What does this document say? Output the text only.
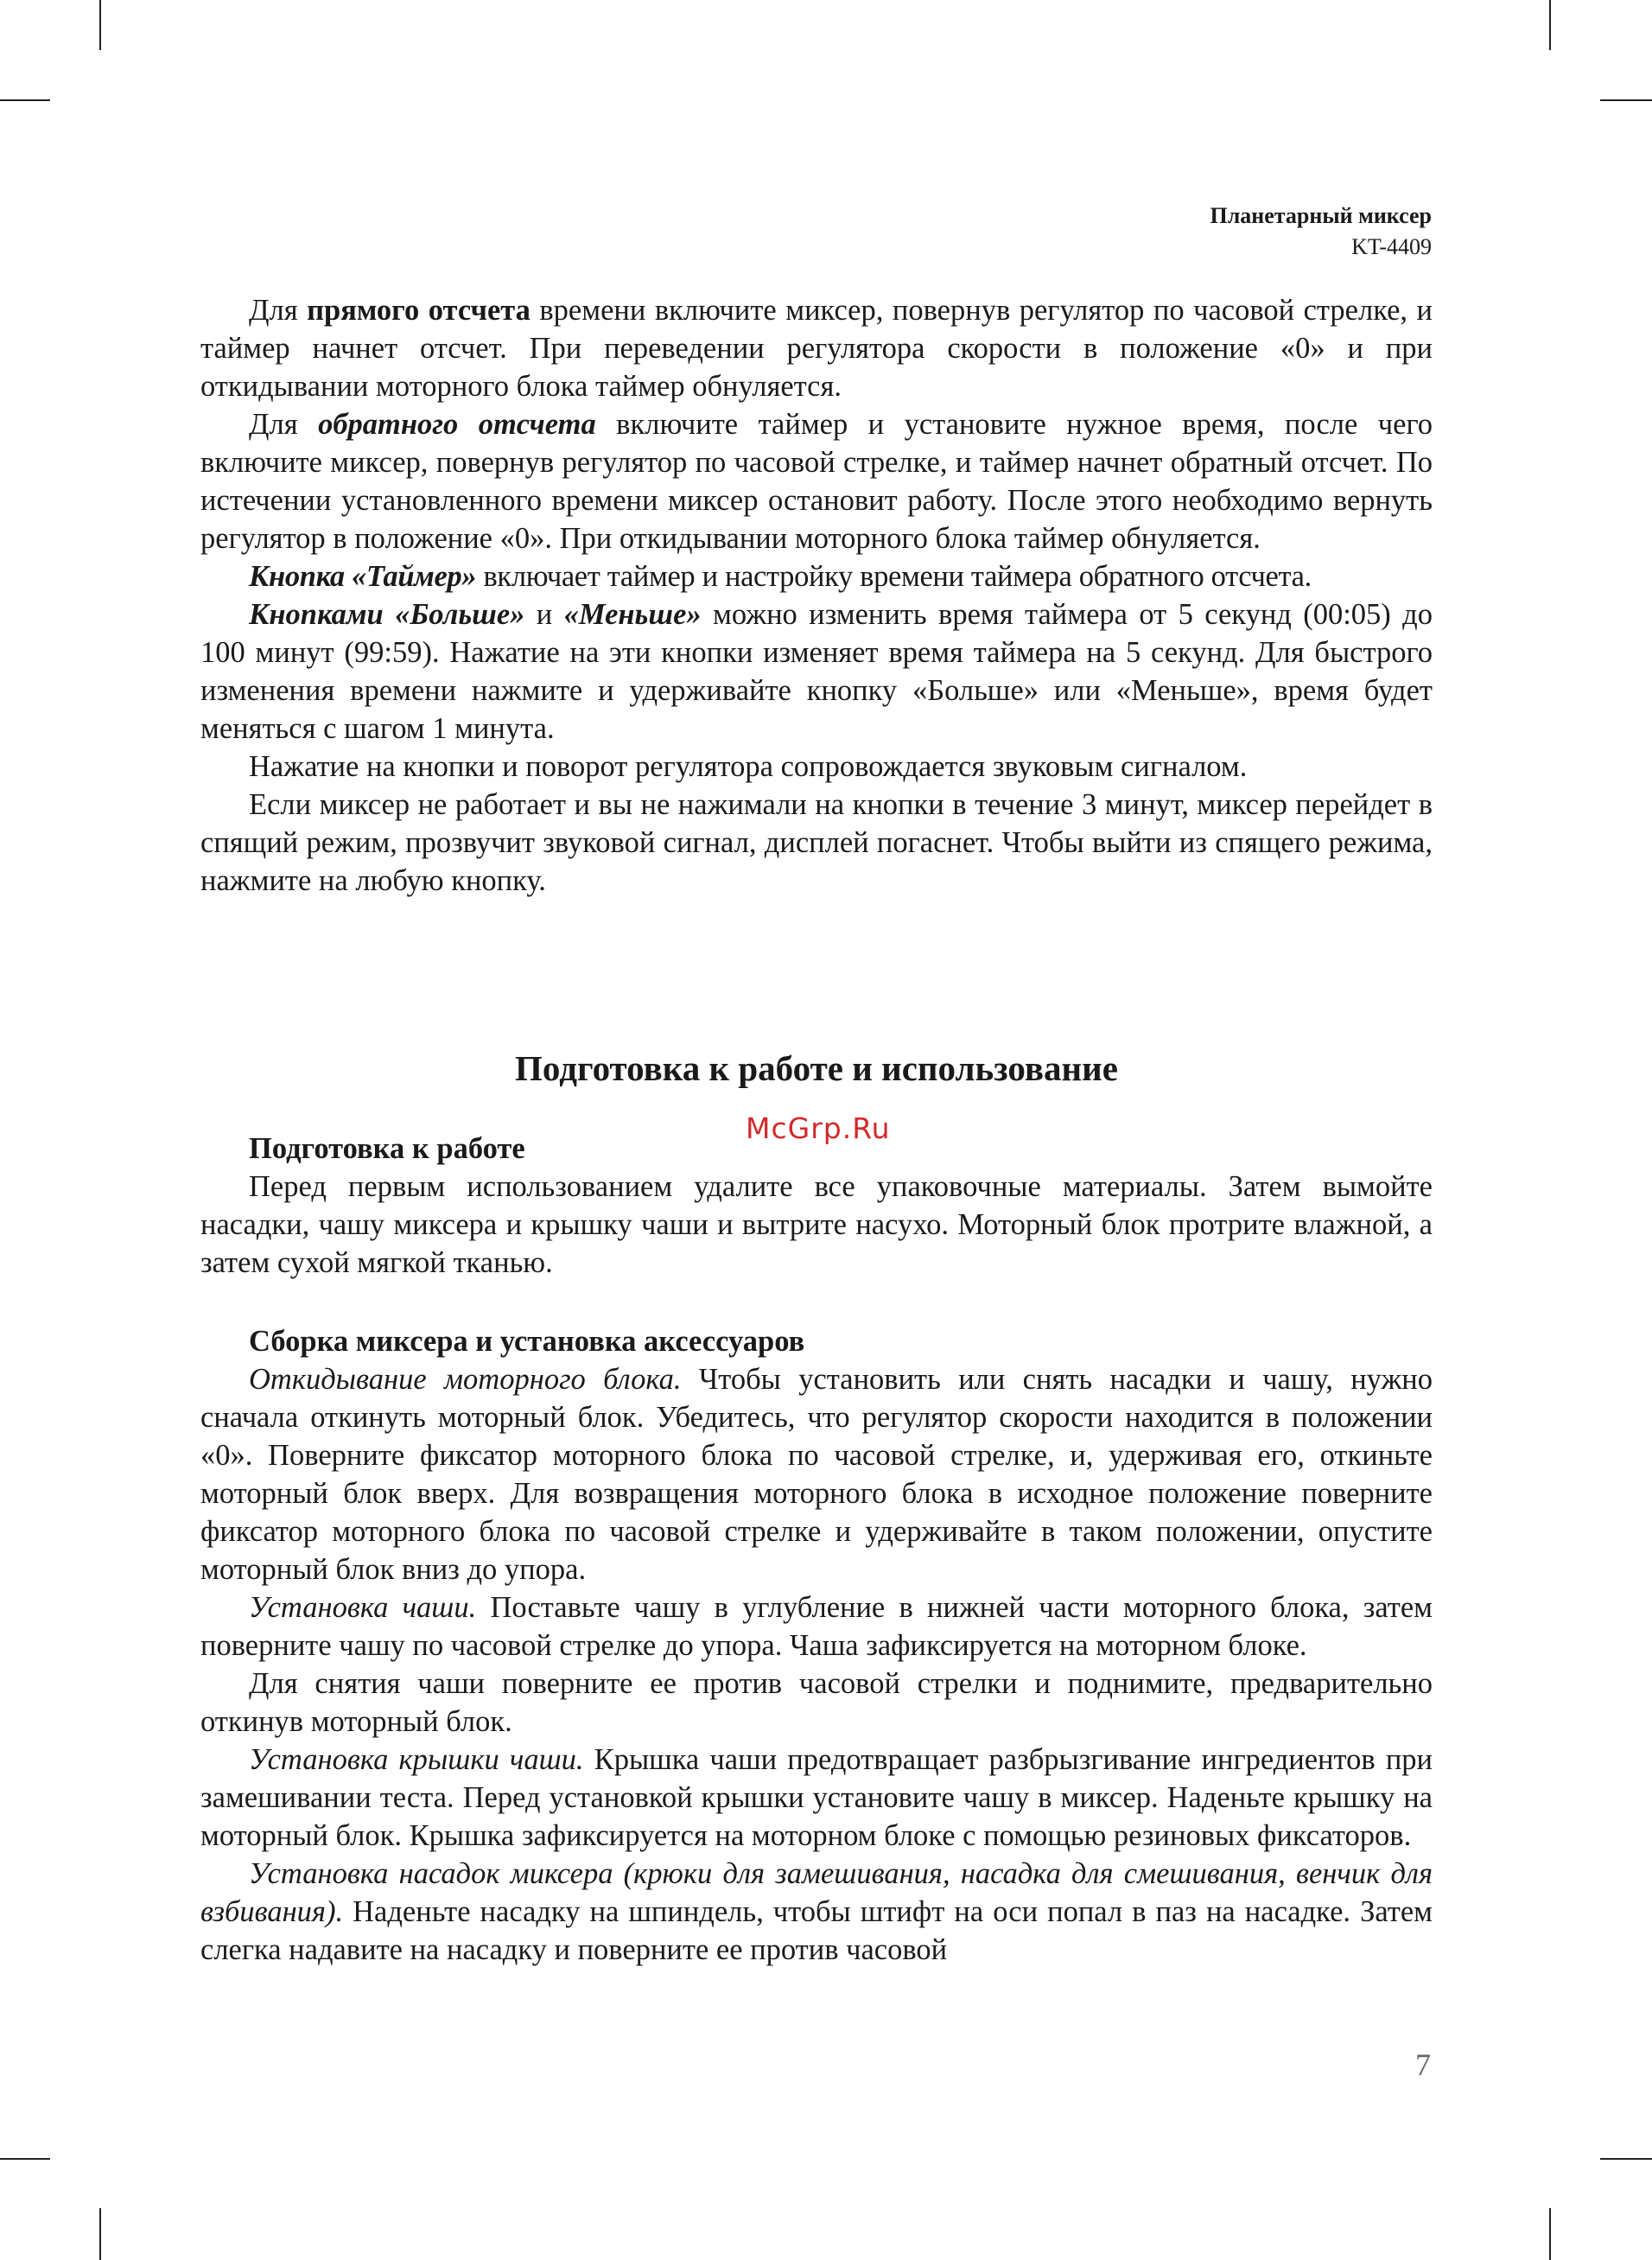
Планетарный миксер
KT-4409

Для прямого отсчета времени включите миксер, повернув регулятор по часовой стрелке, и таймер начнет отсчет. При переведении регулятора скорости в положение «0» и при откидывании моторного блока таймер обнуляется.

Для обратного отсчета включите таймер и установите нужное время, после чего включите миксер, повернув регулятор по часовой стрелке, и таймер начнет обратный отсчет. По истечении установленного времени миксер остановит работу. После этого необходимо вернуть регулятор в положение «0». При откидывании моторного блока таймер обнуляется.

Кнопка «Таймер» включает таймер и настройку времени таймера обратного отсчета.

Кнопками «Больше» и «Меньше» можно изменить время таймера от 5 секунд (00:05) до 100 минут (99:59). Нажатие на эти кнопки изменяет время таймера на 5 секунд. Для быстрого изменения времени нажмите и удерживайте кнопку «Больше» или «Меньше», время будет меняться с шагом 1 минута.

Нажатие на кнопки и поворот регулятора сопровождается звуковым сигналом.

Если миксер не работает и вы не нажимали на кнопки в течение 3 минут, миксер перейдет в спящий режим, прозвучит звуковой сигнал, дисплей погаснет. Чтобы выйти из спящего режима, нажмите на любую кнопку.

Подготовка к работе и использование
McGrp.Ru

Подготовка к работе

Перед первым использованием удалите все упаковочные материалы. Затем вымойте насадки, чашу миксера и крышку чаши и вытрите насухо. Моторный блок протрите влажной, а затем сухой мягкой тканью.

Сборка миксера и установка аксессуаров

Откидывание моторного блока. Чтобы установить или снять насадки и чашу, нужно сначала откинуть моторный блок. Убедитесь, что регулятор скорости находится в положении «0». Поверните фиксатор моторного блока по часовой стрелке, и, удерживая его, откиньте моторный блок вверх. Для возвращения моторного блока в исходное положение поверните фиксатор моторного блока по часовой стрелке и удерживайте в таком положении, опустите моторный блок вниз до упора.

Установка чаши. Поставьте чашу в углубление в нижней части моторного блока, затем поверните чашу по часовой стрелке до упора. Чаша зафиксируется на моторном блоке.

Для снятия чаши поверните ее против часовой стрелки и поднимите, предварительно откинув моторный блок.

Установка крышки чаши. Крышка чаши предотвращает разбрызгивание ингредиентов при замешивании теста. Перед установкой крышки установите чашу в миксер. Наденьте крышку на моторный блок. Крышка зафиксируется на моторном блоке с помощью резиновых фиксаторов.

Установка насадок миксера (крюки для замешивания, насадка для смешивания, венчик для взбивания). Наденьте насадку на шпиндель, чтобы штифт на оси попал в паз на насадке. Затем слегка надавите на насадку и поверните ее против часовой

7
